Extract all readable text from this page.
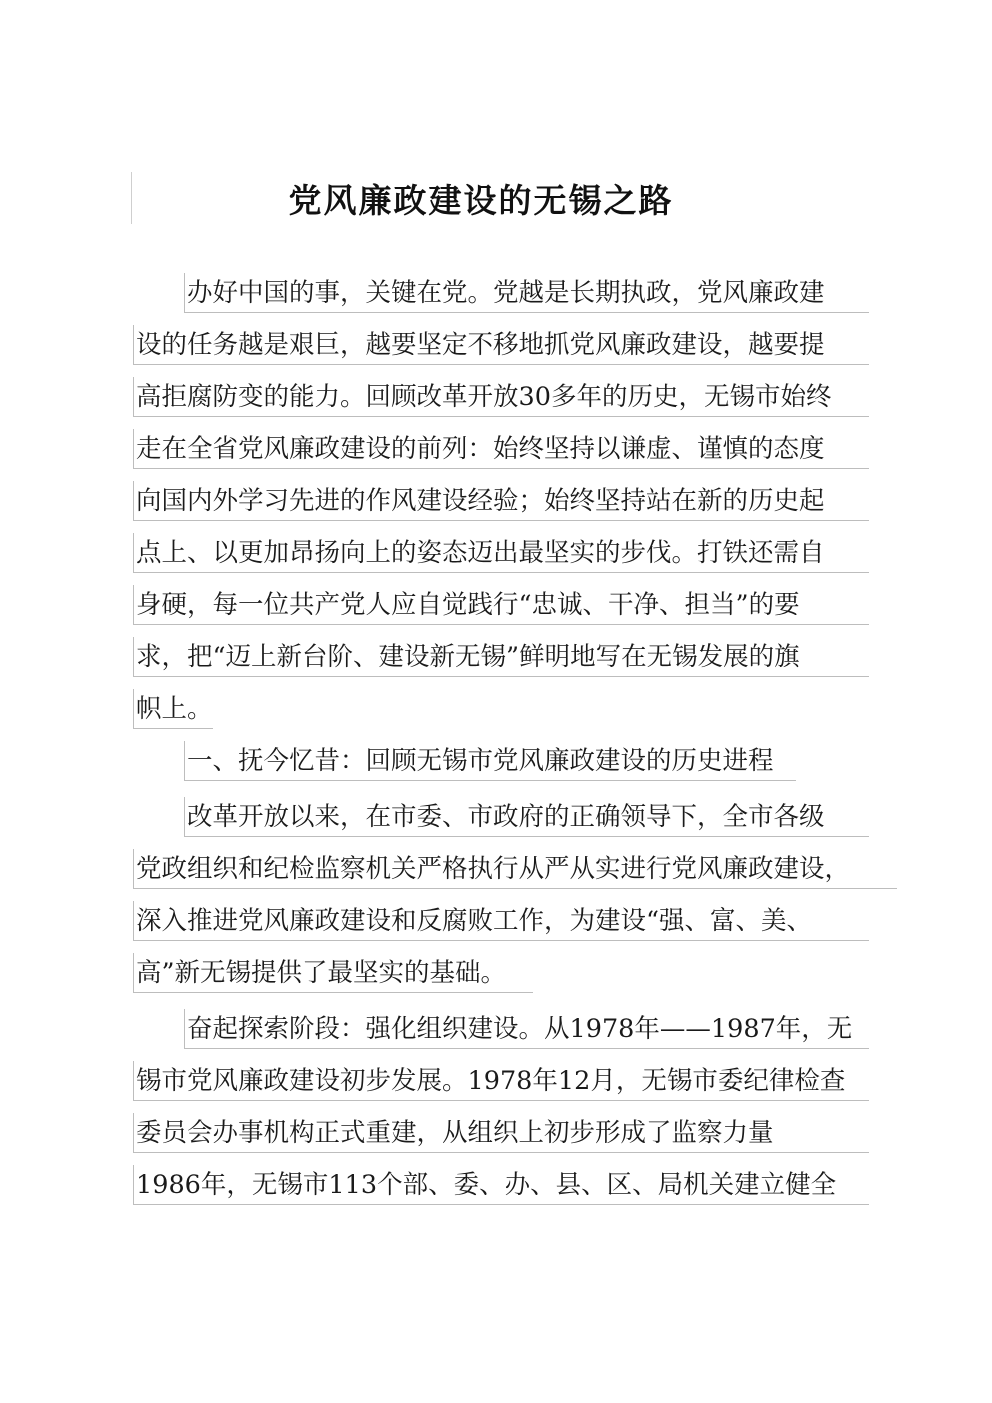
党风廉政建设的无锡之路
办好中国的事，关键在党。党越是长期执政，党风廉政建
设的任务越是艰巨，越要坚定不移地抓党风廉政建设，越要提
高拒腐防变的能力。回顾改革开放30多年的历史，无锡市始终
走在全省党风廉政建设的前列：始终坚持以谦虚、谨慎的态度
向国内外学习先进的作风建设经验；始终坚持站在新的历史起
点上、以更加昂扬向上的姿态迈出最坚实的步伐。打铁还需自
身硬，每一位共产党人应自觉践行“忠诚、干净、担当”的要
求，把“迈上新台阶、建设新无锡”鲜明地写在无锡发展的旗
帜上。
一、抚今忆昔：回顾无锡市党风廉政建设的历史进程
改革开放以来，在市委、市政府的正确领导下，全市各级
党政组织和纪检监察机关严格执行从严从实进行党风廉政建设，
深入推进党风廉政建设和反腐败工作，为建设“强、富、美、
高”新无锡提供了最坚实的基础。
奋起探索阶段：强化组织建设。从1978年——1987年，无
锡市党风廉政建设初步发展。1978年12月，无锡市委纪律检查
委员会办事机构正式重建，从组织上初步形成了监察力量
1986年，无锡市113个部、委、办、县、区、局机关建立健全
